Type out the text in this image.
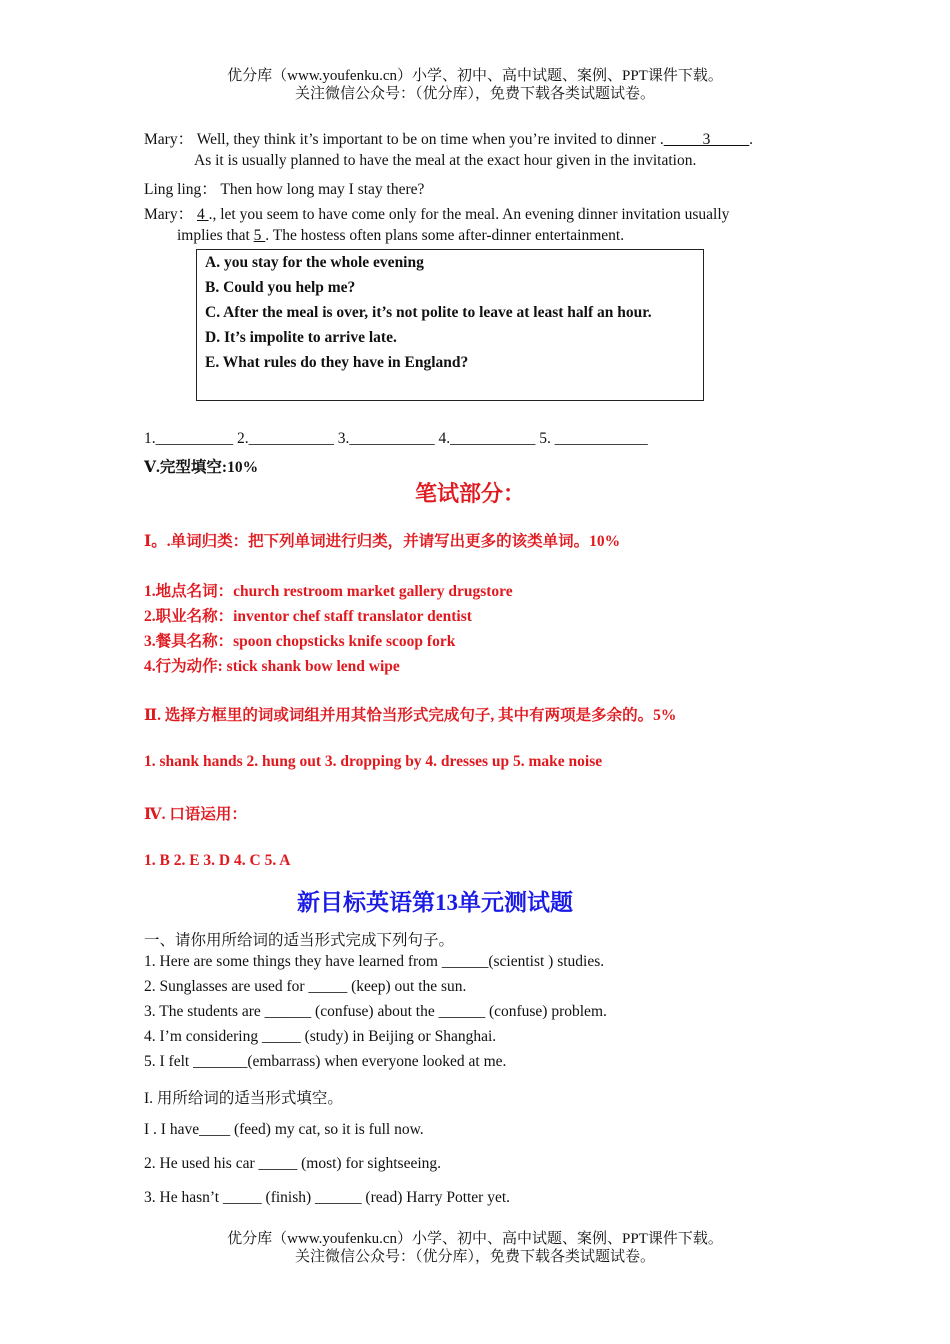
优分库（www.youfenku.cn）小学、初中、高中试题、案例、PPT课件下载。
关注微信公众号：（优分库），免费下载各类试题试卷。
Mary： Well, they think it’s important to be on time when you’re invited to dinner ._____3_____.
As it is usually planned to have the meal at the exact hour given in the invitation.
Ling ling： Then how long may I stay there?
Mary： 4 ., let you seem to have come only for the meal. An evening dinner invitation usually
implies that 5 . The hostess often plans some after-dinner entertainment.
A. you stay for the whole evening
B. Could you help me?
C. After the meal is over, it’s not polite to leave at least half an hour.
D. It’s impolite to arrive late.
E. What rules do they have in England?
1.__________ 2.___________ 3.___________ 4.___________ 5. ____________
Ⅴ.完型填空:10%
笔试部分：
Ⅰ。.单词归类：把下列单词进行归类，并请写出更多的该类单词。10%
1.地点名词：church restroom market gallery drugstore
2.职业名称：inventor chef staff translator dentist
3.餐具名称：spoon chopsticks knife scoop fork
4.行为动作: stick shank bow lend wipe
Ⅱ. 选择方框里的词或词组并用其恰当形式完成句子, 其中有两项是多余的。5%
1. shank hands 2. hung out 3. dropping by 4. dresses up 5. make noise
Ⅳ. 口语运用：
1. B 2. E 3. D 4. C 5. A
新目标英语第13单元测试题
一、请你用所给词的适当形式完成下列句子。
1. Here are some things they have learned from ______(scientist ) studies.
2. Sunglasses are used for _____ (keep) out the sun.
3. The students are ______ (confuse) about the ______ (confuse) problem.
4. I’m considering _____ (study) in Beijing or Shanghai.
5. I felt _______(embarrass) when everyone looked at me.
I. 用所给词的适当形式填空。
I . I have____ (feed) my cat, so it is full now.
2. He used his car _____ (most) for sightseeing.
3. He hasn’t _____ (finish) ______ (read) Harry Potter yet.
优分库（www.youfenku.cn）小学、初中、高中试题、案例、PPT课件下载。
关注微信公众号：（优分库），免费下载各类试题试卷。
